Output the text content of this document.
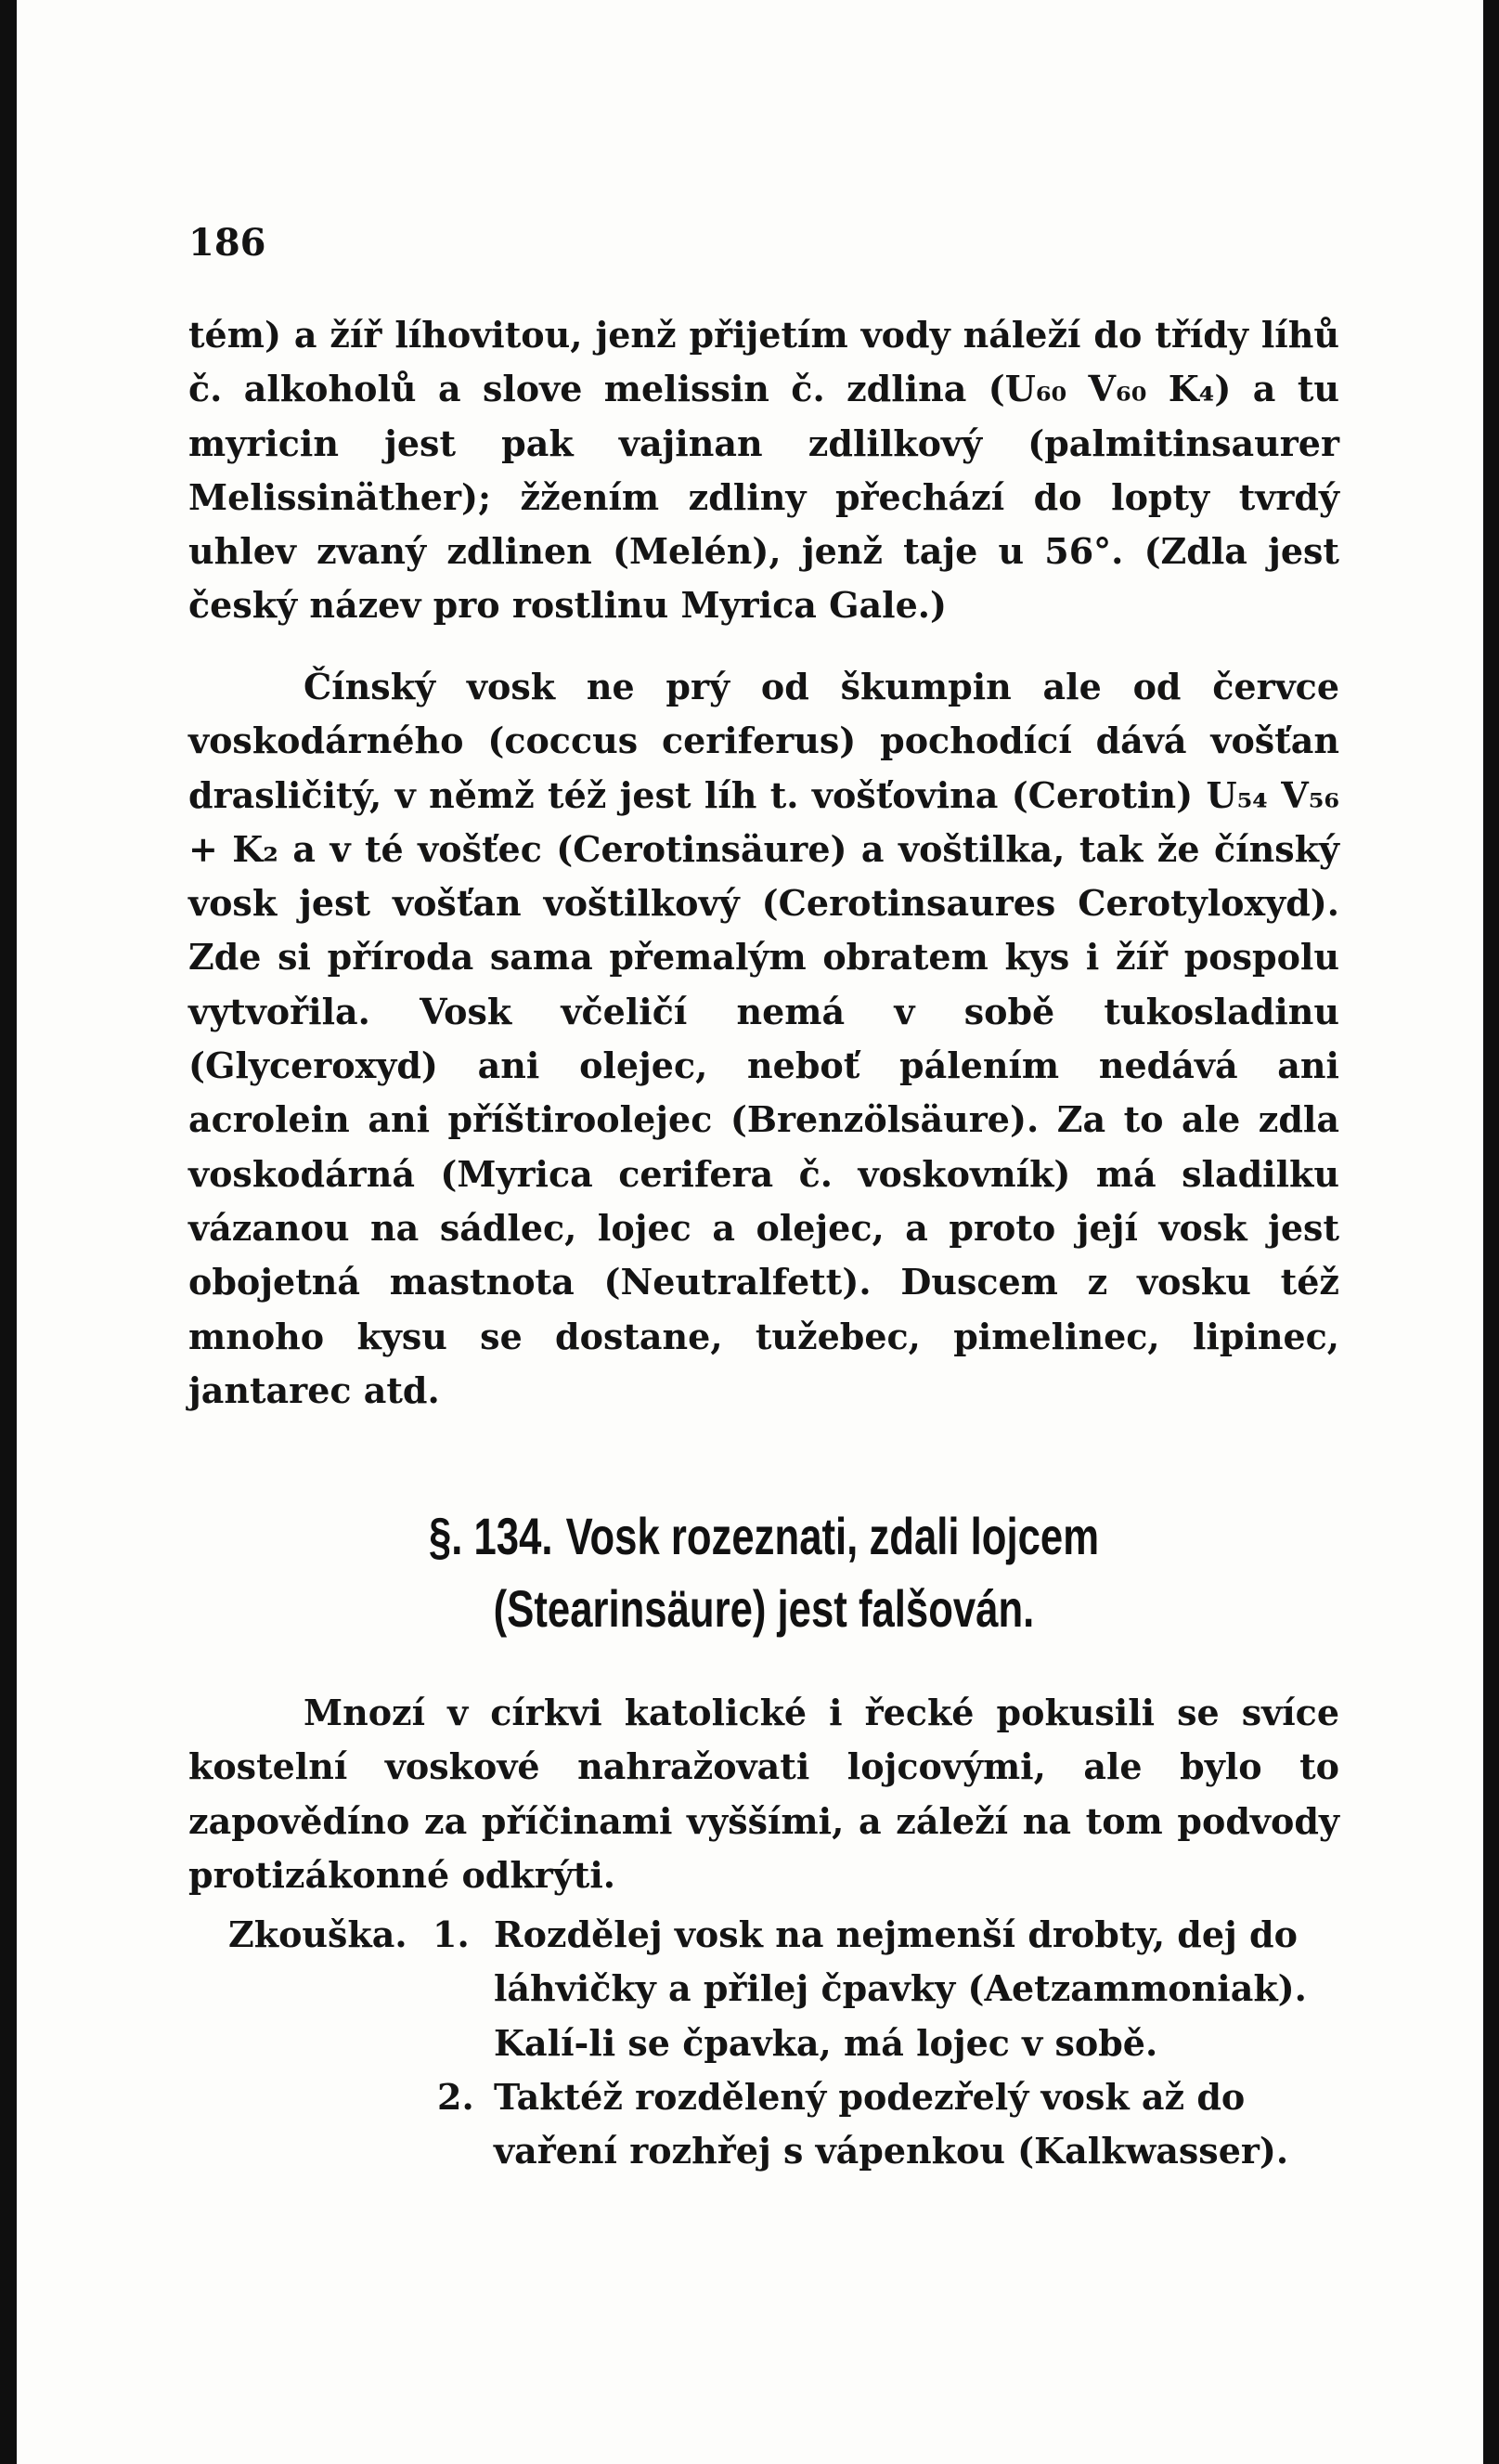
186

tém) a žíř líhovitou, jenž přijetím vody náleží do třídy líhů č. alkoholů a slove melissin č. zdlina (U₆₀ V₆₀ K₄) a tu myricin jest pak vajinan zdlilkový (palmitinsaurer Melissinäther); žžením zdliny přechází do lopty tvrdý uhlev zvaný zdlinen (Melén), jenž taje u 56°. (Zdla jest český název pro rostlinu Myrica Gale.)

Čínský vosk ne prý od škumpin ale od červce voskodárného (coccus ceriferus) pochodící dává vošťan drasličitý, v němž též jest líh t. vošťovina (Cerotin) U₅₄ V₅₆ + K₂ a v té vošťec (Cerotinsäure) a voštilka, tak že čínský vosk jest vošťan voštilkový (Cerotinsaures Cerotyloxyd). Zde si příroda sama přemalým obratem kys i žíř pospolu vytvořila. Vosk včeličí nemá v sobě tukosladinu (Glyceroxyd) ani olejec, neboť pálením nedává ani acrolein ani příštiroolejec (Brenzölsäure). Za to ale zdla voskodárná (Myrica cerifera č. voskovník) má sladilku vázanou na sádlec, lojec a olejec, a proto její vosk jest obojetná mastnota (Neutralfett). Duscem z vosku též mnoho kysu se dostane, tužebec, pimelinec, lipinec, jantarec atd.

§. 134. Vosk rozeznati, zdali lojcem (Stearinsäure) jest falšován.

Mnozí v církvi katolické i řecké pokusili se svíce kostelní voskové nahražovati lojcovými, ale bylo to zapovědíno za příčinami vyššími, a záleží na tom podvody protizákonné odkrýti.

Zkouška. 1. Rozdělej vosk na nejmenší drobty, dej do láhvičky a přilej čpavky (Aetzammoniak). Kalí-li se čpavka, má lojec v sobě.
2. Taktéž rozdělený podezřelý vosk až do vaření rozhřej s vápenkou (Kalkwasser).
